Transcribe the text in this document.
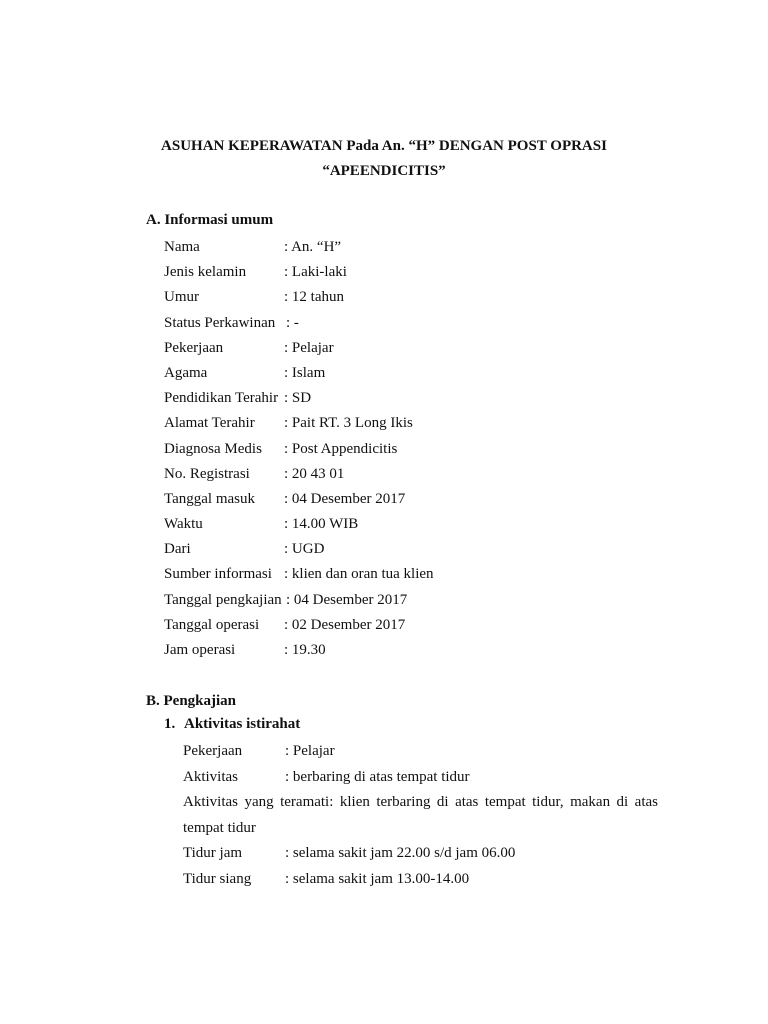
ASUHAN KEPERAWATAN Pada An. “H” DENGAN POST OPRASI
“APEENDICITIS”
A. Informasi umum
Nama	: An. “H”
Jenis kelamin	: Laki-laki
Umur	: 12 tahun
Status Perkawinan : -
Pekerjaan	: Pelajar
Agama	: Islam
Pendidikan Terahir : SD
Alamat Terahir : Pait RT. 3 Long Ikis
Diagnosa Medis : Post Appendicitis
No. Registrasi : 20 43 01
Tanggal masuk : 04 Desember 2017
Waktu	: 14.00 WIB
Dari	: UGD
Sumber informasi : klien dan oran tua klien
Tanggal pengkajian : 04 Desember 2017
Tanggal operasi : 02 Desember 2017
Jam operasi	: 19.30
B. Pengkajian
1. Aktivitas istirahat
Pekerjaan	: Pelajar
Aktivitas	: berbaring di atas tempat tidur
Aktivitas yang teramati: klien terbaring di atas tempat tidur, makan di atas
tempat tidur
Tidur jam	: selama sakit jam 22.00 s/d jam 06.00
Tidur siang : selama sakit jam 13.00-14.00
